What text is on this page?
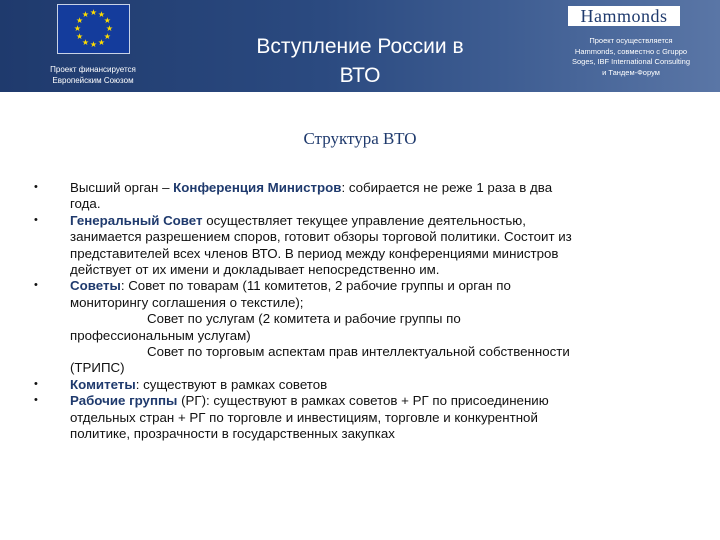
★ ★
★
★
★
★
★
★
★
★
★
★
Проект финансируется
Европейским Союзом
Вступление России в
ВТО
Hammonds
Проект осуществляется
Hammonds, совместно с Gruppo
Soges, IBF International Consulting
и Тандем-Форум
Структура ВТО
•	Высший орган – Конференция Министров: собирается не реже 1 раза в два
года.
•	Генеральный Совет осуществляет текущее управление деятельностью,
занимается разрешением споров, готовит обзоры торговой политики. Состоит из
представителей всех членов ВТО. В период между конференциями министров
действует от их имени и докладывает непосредственно им.
•	Советы: Совет по товарам (11 комитетов, 2 рабочие группы и орган по
мониторингу соглашения о текстиле);
Совет по услугам (2 комитета и рабочие группы по
профессиональным услугам)
Совет по торговым аспектам прав интеллектуальной собственности
(ТРИПС)
•	Комитеты: существуют в рамках советов
•	Рабочие группы (РГ): существуют в рамках советов + РГ по присоединению
отдельных стран + РГ по торговле и инвестициям, торговле и конкурентной
политике, прозрачности в государственных закупках
